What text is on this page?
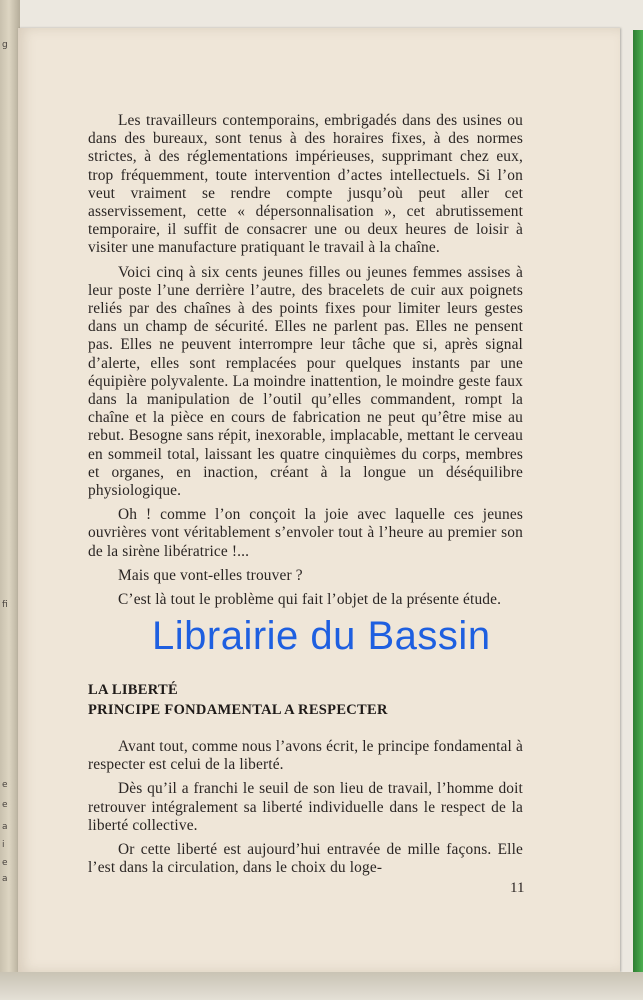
g
fi
e
e
a
i
e
a

Les travailleurs contemporains, embrigadés dans des usines ou dans des bureaux, sont tenus à des horaires fixes, à des normes strictes, à des réglementations impérieuses, supprimant chez eux, trop fréquemment, toute intervention d’actes intellectuels. Si l’on veut vraiment se rendre compte jusqu’où peut aller cet asservissement, cette « dépersonnalisation », cet abrutissement temporaire, il suffit de consacrer une ou deux heures de loisir à visiter une manufacture pratiquant le travail à la chaîne.

Voici cinq à six cents jeunes filles ou jeunes femmes assises à leur poste l’une derrière l’autre, des bracelets de cuir aux poignets reliés par des chaînes à des points fixes pour limiter leurs gestes dans un champ de sécurité. Elles ne parlent pas. Elles ne pensent pas. Elles ne peuvent interrompre leur tâche que si, après signal d’alerte, elles sont remplacées pour quelques instants par une équipière polyvalente. La moindre inattention, le moindre geste faux dans la manipulation de l’outil qu’elles commandent, rompt la chaîne et la pièce en cours de fabrication ne peut qu’être mise au rebut. Besogne sans répit, inexorable, implacable, mettant le cerveau en sommeil total, laissant les quatre cinquièmes du corps, membres et organes, en inaction, créant à la longue un déséquilibre physiologique.

Oh ! comme l’on conçoit la joie avec laquelle ces jeunes ouvrières vont véritablement s’envoler tout à l’heure au premier son de la sirène libératrice !...

Mais que vont-elles trouver ?

C’est là tout le problème qui fait l’objet de la présente étude.

Librairie du Bassin
LA LIBERTÉ
PRINCIPE FONDAMENTAL A RESPECTER

Avant tout, comme nous l’avons écrit, le principe fondamental à respecter est celui de la liberté.

Dès qu’il a franchi le seuil de son lieu de travail, l’homme doit retrouver intégralement sa liberté individuelle dans le respect de la liberté collective.

Or cette liberté est aujourd’hui entravée de mille façons. Elle l’est dans la circulation, dans le choix du loge-

11
